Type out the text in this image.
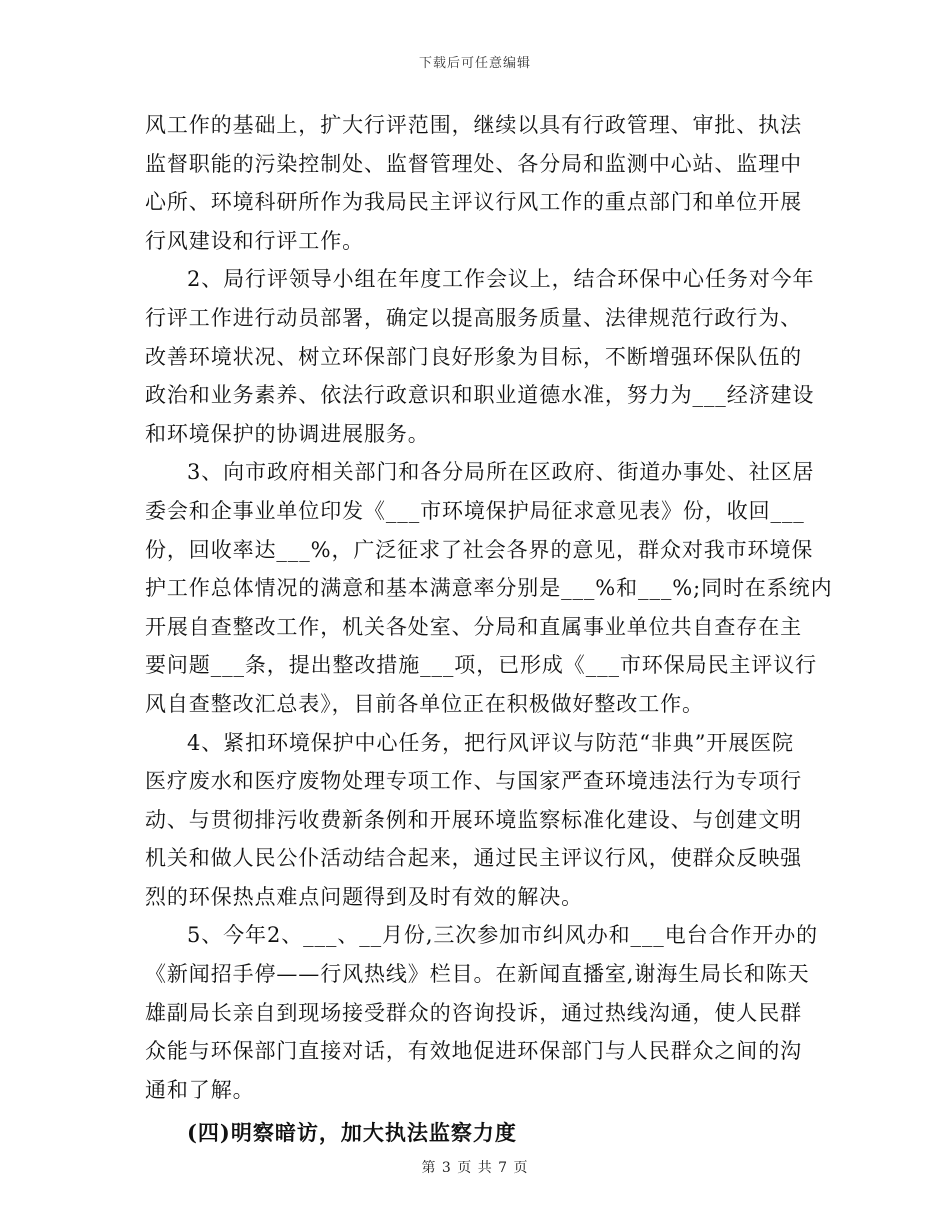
下载后可任意编辑
风工作的基础上，扩大行评范围，继续以具有行政管理、审批、执法
监督职能的污染控制处、监督管理处、各分局和监测中心站、监理中
心所、环境科研所作为我局民主评议行风工作的重点部门和单位开展
行风建设和行评工作。
2、局行评领导小组在年度工作会议上，结合环保中心任务对今年
行评工作进行动员部署，确定以提高服务质量、法律规范行政行为、
改善环境状况、树立环保部门良好形象为目标，不断增强环保队伍的
政治和业务素养、依法行政意识和职业道德水准，努力为___经济建设
和环境保护的协调进展服务。
3、向市政府相关部门和各分局所在区政府、街道办事处、社区居
委会和企事业单位印发《___市环境保护局征求意见表》份，收回___
份，回收率达___%，广泛征求了社会各界的意见，群众对我市环境保
护工作总体情况的满意和基本满意率分别是___%和___%;同时在系统内
开展自查整改工作，机关各处室、分局和直属事业单位共自查存在主
要问题___条，提出整改措施___项，已形成《___市环保局民主评议行
风自查整改汇总表》，目前各单位正在积极做好整改工作。
4、紧扣环境保护中心任务，把行风评议与防范“非典”开展医院
医疗废水和医疗废物处理专项工作、与国家严查环境违法行为专项行
动、与贯彻排污收费新条例和开展环境监察标准化建设、与创建文明
机关和做人民公仆活动结合起来，通过民主评议行风，使群众反映强
烈的环保热点难点问题得到及时有效的解决。
5、今年2、___、__月份,三次参加市纠风办和___电台合作开办的
《新闻招手停——行风热线》栏目。在新闻直播室,谢海生局长和陈天
雄副局长亲自到现场接受群众的咨询投诉，通过热线沟通，使人民群
众能与环保部门直接对话，有效地促进环保部门与人民群众之间的沟
通和了解。
(四)明察暗访，加大执法监察力度
第 3 页 共 7 页
